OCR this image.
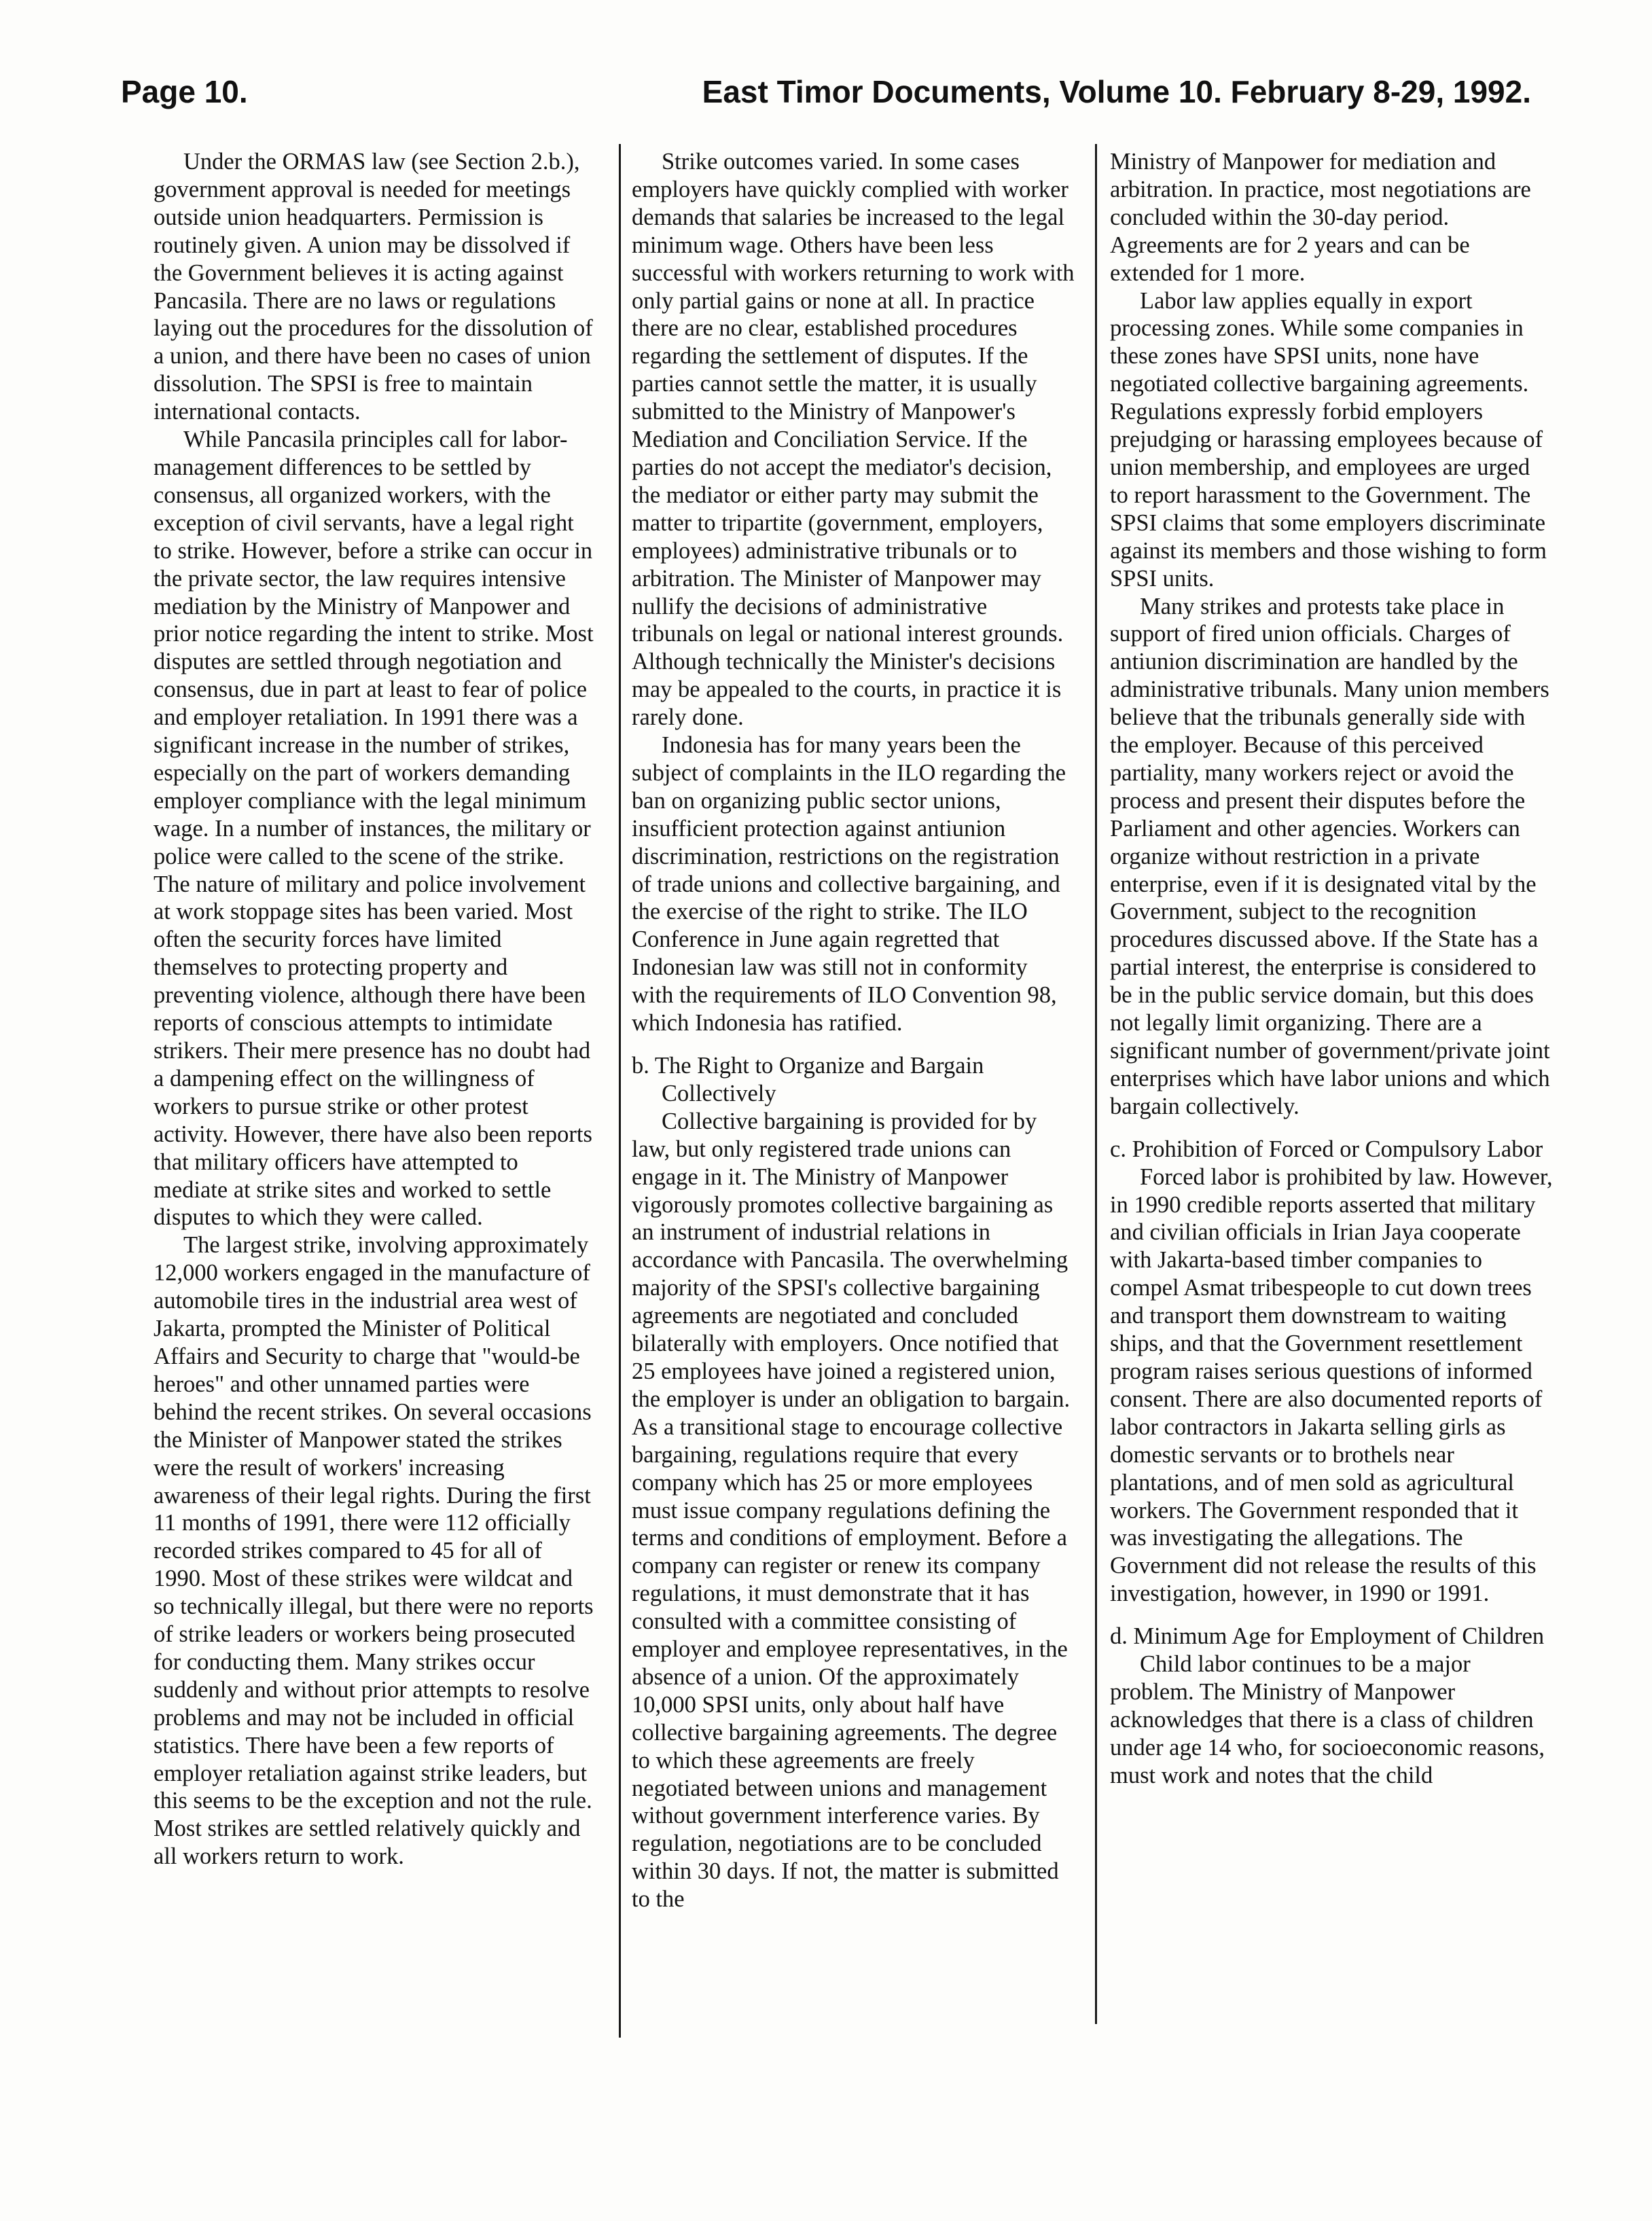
Page 10.	East Timor Documents, Volume 10. February 8-29, 1992.

Under the ORMAS law (see Section 2.b.), government approval is needed for meetings outside union headquarters. Permission is routinely given. A union may be dissolved if the Government believes it is acting against Pancasila. There are no laws or regulations laying out the procedures for the dissolution of a union, and there have been no cases of union dissolution. The SPSI is free to maintain international contacts.

While Pancasila principles call for labor-management differences to be settled by consensus, all organized workers, with the exception of civil servants, have a legal right to strike. However, before a strike can occur in the private sector, the law requires intensive mediation by the Ministry of Manpower and prior notice regarding the intent to strike. Most disputes are settled through negotiation and consensus, due in part at least to fear of police and employer retaliation. In 1991 there was a significant increase in the number of strikes, especially on the part of workers demanding employer compliance with the legal minimum wage. In a number of instances, the military or police were called to the scene of the strike. The nature of military and police involvement at work stoppage sites has been varied. Most often the security forces have limited themselves to protecting property and preventing violence, although there have been reports of conscious attempts to intimidate strikers. Their mere presence has no doubt had a dampening effect on the willingness of workers to pursue strike or other protest activity. However, there have also been reports that military officers have attempted to mediate at strike sites and worked to settle disputes to which they were called.

The largest strike, involving approximately 12,000 workers engaged in the manufacture of automobile tires in the industrial area west of Jakarta, prompted the Minister of Political Affairs and Security to charge that "would-be heroes" and other unnamed parties were behind the recent strikes. On several occasions the Minister of Manpower stated the strikes were the result of workers' increasing awareness of their legal rights. During the first 11 months of 1991, there were 112 officially recorded strikes compared to 45 for all of 1990. Most of these strikes were wildcat and so technically illegal, but there were no reports of strike leaders or workers being prosecuted for conducting them. Many strikes occur suddenly and without prior attempts to resolve problems and may not be included in official statistics. There have been a few reports of employer retaliation against strike leaders, but this seems to be the exception and not the rule. Most strikes are settled relatively quickly and all workers return to work.

Strike outcomes varied. In some cases employers have quickly complied with worker demands that salaries be increased to the legal minimum wage. Others have been less successful with workers returning to work with only partial gains or none at all. In practice there are no clear, established procedures regarding the settlement of disputes. If the parties cannot settle the matter, it is usually submitted to the Ministry of Manpower's Mediation and Conciliation Service. If the parties do not accept the mediator's decision, the mediator or either party may submit the matter to tripartite (government, employers, employees) administrative tribunals or to arbitration. The Minister of Manpower may nullify the decisions of administrative tribunals on legal or national interest grounds. Although technically the Minister's decisions may be appealed to the courts, in practice it is rarely done.

Indonesia has for many years been the subject of complaints in the ILO regarding the ban on organizing public sector unions, insufficient protection against antiunion discrimination, restrictions on the registration of trade unions and collective bargaining, and the exercise of the right to strike. The ILO Conference in June again regretted that Indonesian law was still not in conformity with the requirements of ILO Convention 98, which Indonesia has ratified.

b. The Right to Organize and Bargain Collectively

Collective bargaining is provided for by law, but only registered trade unions can engage in it. The Ministry of Manpower vigorously promotes collective bargaining as an instrument of industrial relations in accordance with Pancasila. The overwhelming majority of the SPSI's collective bargaining agreements are negotiated and concluded bilaterally with employers. Once notified that 25 employees have joined a registered union, the employer is under an obligation to bargain. As a transitional stage to encourage collective bargaining, regulations require that every company which has 25 or more employees must issue company regulations defining the terms and conditions of employment. Before a company can register or renew its company regulations, it must demonstrate that it has consulted with a committee consisting of employer and employee representatives, in the absence of a union. Of the approximately 10,000 SPSI units, only about half have collective bargaining agreements. The degree to which these agreements are freely negotiated between unions and management without government interference varies. By regulation, negotiations are to be concluded within 30 days. If not, the matter is submitted to the

Ministry of Manpower for mediation and arbitration. In practice, most negotiations are concluded within the 30-day period. Agreements are for 2 years and can be extended for 1 more.

Labor law applies equally in export processing zones. While some companies in these zones have SPSI units, none have negotiated collective bargaining agreements. Regulations expressly forbid employers prejudging or harassing employees because of union membership, and employees are urged to report harassment to the Government. The SPSI claims that some employers discriminate against its members and those wishing to form SPSI units.

Many strikes and protests take place in support of fired union officials. Charges of antiunion discrimination are handled by the administrative tribunals. Many union members believe that the tribunals generally side with the employer. Because of this perceived partiality, many workers reject or avoid the process and present their disputes before the Parliament and other agencies. Workers can organize without restriction in a private enterprise, even if it is designated vital by the Government, subject to the recognition procedures discussed above. If the State has a partial interest, the enterprise is considered to be in the public service domain, but this does not legally limit organizing. There are a significant number of government/private joint enterprises which have labor unions and which bargain collectively.

c. Prohibition of Forced or Compulsory Labor

Forced labor is prohibited by law. However, in 1990 credible reports asserted that military and civilian officials in Irian Jaya cooperate with Jakarta-based timber companies to compel Asmat tribespeople to cut down trees and transport them downstream to waiting ships, and that the Government resettlement program raises serious questions of informed consent. There are also documented reports of labor contractors in Jakarta selling girls as domestic servants or to brothels near plantations, and of men sold as agricultural workers. The Government responded that it was investigating the allegations. The Government did not release the results of this investigation, however, in 1990 or 1991.

d. Minimum Age for Employment of Children

Child labor continues to be a major problem. The Ministry of Manpower acknowledges that there is a class of children under age 14 who, for socioeconomic reasons, must work and notes that the child
